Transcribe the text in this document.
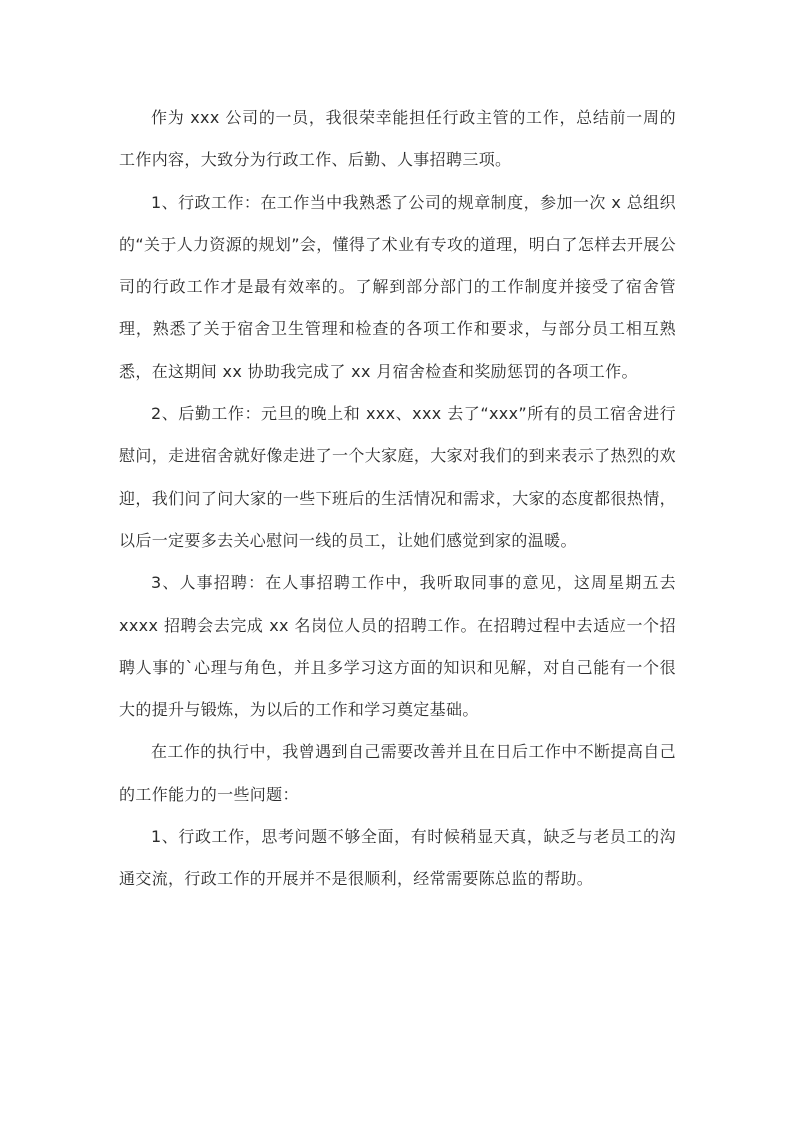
作为 xxx 公司的一员，我很荣幸能担任行政主管的工作，总结前一周的工作内容，大致分为行政工作、后勤、人事招聘三项。

1、行政工作：在工作当中我熟悉了公司的规章制度，参加一次 x 总组织的“关于人力资源的规划”会，懂得了术业有专攻的道理，明白了怎样去开展公司的行政工作才是最有效率的。了解到部分部门的工作制度并接受了宿舍管理，熟悉了关于宿舍卫生管理和检查的各项工作和要求，与部分员工相互熟悉，在这期间 xx 协助我完成了 xx 月宿舍检查和奖励惩罚的各项工作。

2、后勤工作：元旦的晚上和 xxx、xxx 去了“xxx”所有的员工宿舍进行慰问，走进宿舍就好像走进了一个大家庭，大家对我们的到来表示了热烈的欢迎，我们问了问大家的一些下班后的生活情况和需求，大家的态度都很热情，以后一定要多去关心慰问一线的员工，让她们感觉到家的温暖。

3、人事招聘：在人事招聘工作中，我听取同事的意见，这周星期五去 xxxx 招聘会去完成 xx 名岗位人员的招聘工作。在招聘过程中去适应一个招聘人事的`心理与角色，并且多学习这方面的知识和见解，对自己能有一个很大的提升与锻炼，为以后的工作和学习奠定基础。

在工作的执行中，我曾遇到自己需要改善并且在日后工作中不断提高自己的工作能力的一些问题：

1、行政工作，思考问题不够全面，有时候稍显天真，缺乏与老员工的沟通交流，行政工作的开展并不是很顺利，经常需要陈总监的帮助。
